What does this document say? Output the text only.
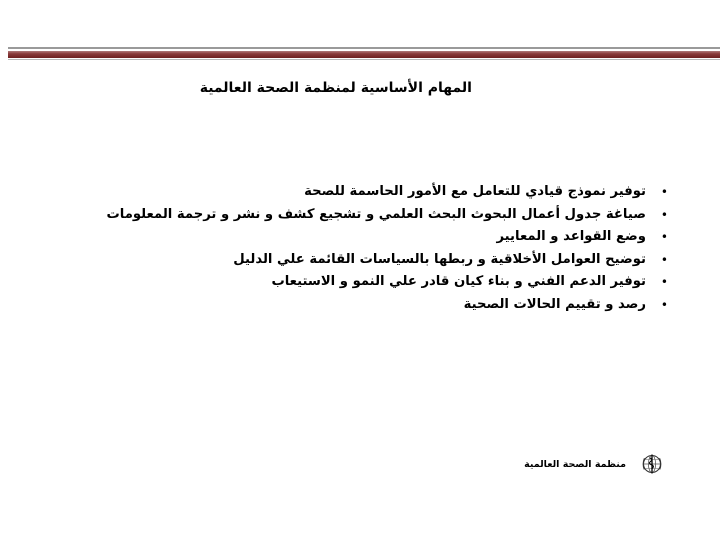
المهام الأساسية لمنظمة الصحة العالمية
• توفير نموذج قيادي للتعامل مع الأمور الحاسمة للصحة
• صياغة جدول أعمال البحوث البحث العلمي و تشجيع كشف و نشر و ترجمة المعلومات
• وضع القواعد و المعايير
• توضيح العوامل الأخلاقية و ربطها بالسياسات القائمة علي الدليل
• توفير الدعم الفني و بناء كيان قادر علي النمو و الاستيعاب
• رصد و تقييم الحالات الصحية
منظمة الصحة العالمية
